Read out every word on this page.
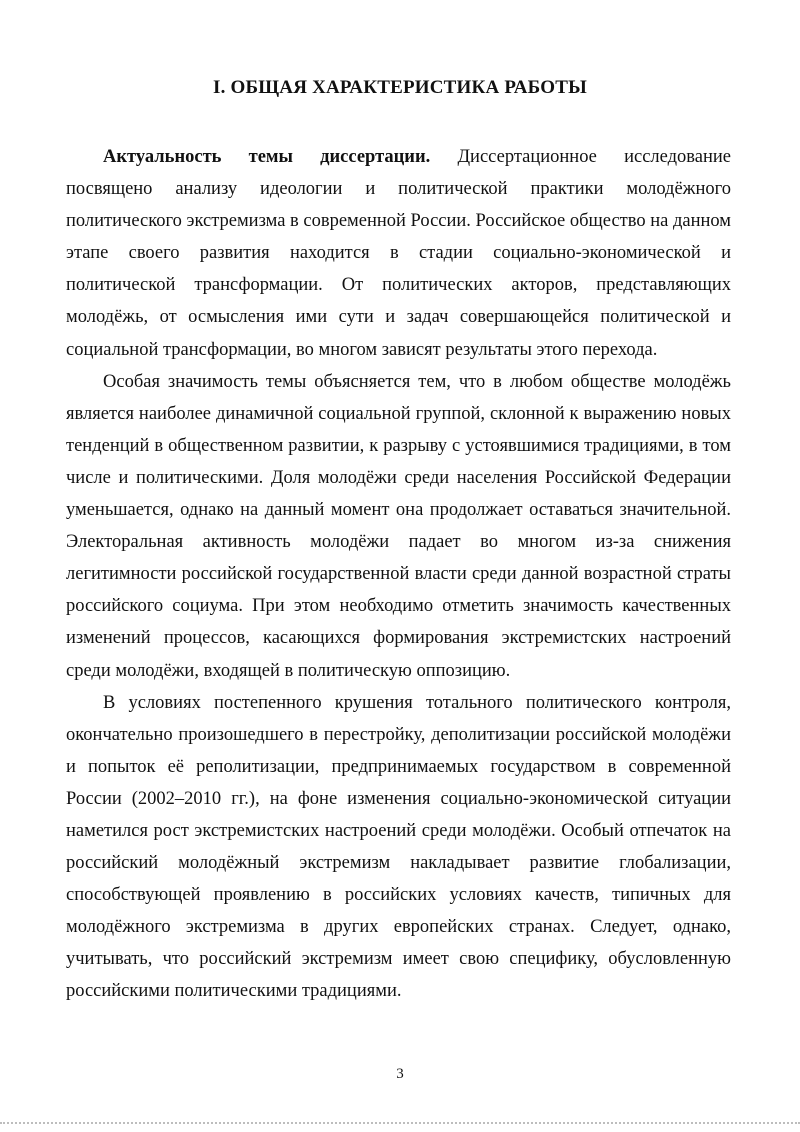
I. ОБЩАЯ ХАРАКТЕРИСТИКА РАБОТЫ

Актуальность темы диссертации. Диссертационное исследование посвящено анализу идеологии и политической практики молодёжного политического экстремизма в современной России. Российское общество на данном этапе своего развития находится в стадии социально-экономической и политической трансформации. От политических акторов, представляющих молодёжь, от осмысления ими сути и задач совершающейся политической и социальной трансформации, во многом зависят результаты этого перехода.

Особая значимость темы объясняется тем, что в любом обществе молодёжь является наиболее динамичной социальной группой, склонной к выражению новых тенденций в общественном развитии, к разрыву с устоявшимися традициями, в том числе и политическими. Доля молодёжи среди населения Российской Федерации уменьшается, однако на данный момент она продолжает оставаться значительной. Электоральная активность молодёжи падает во многом из-за снижения легитимности российской государственной власти среди данной возрастной страты российского социума. При этом необходимо отметить значимость качественных изменений процессов, касающихся формирования экстремистских настроений среди молодёжи, входящей в политическую оппозицию.

В условиях постепенного крушения тотального политического контроля, окончательно произошедшего в перестройку, деполитизации российской молодёжи и попыток её реполитизации, предпринимаемых государством в современной России (2002–2010 гг.), на фоне изменения социально-экономической ситуации наметился рост экстремистских настроений среди молодёжи. Особый отпечаток на российский молодёжный экстремизм накладывает развитие глобализации, способствующей проявлению в российских условиях качеств, типичных для молодёжного экстремизма в других европейских странах. Следует, однако, учитывать, что российский экстремизм имеет свою специфику, обусловленную российскими политическими традициями.

3
